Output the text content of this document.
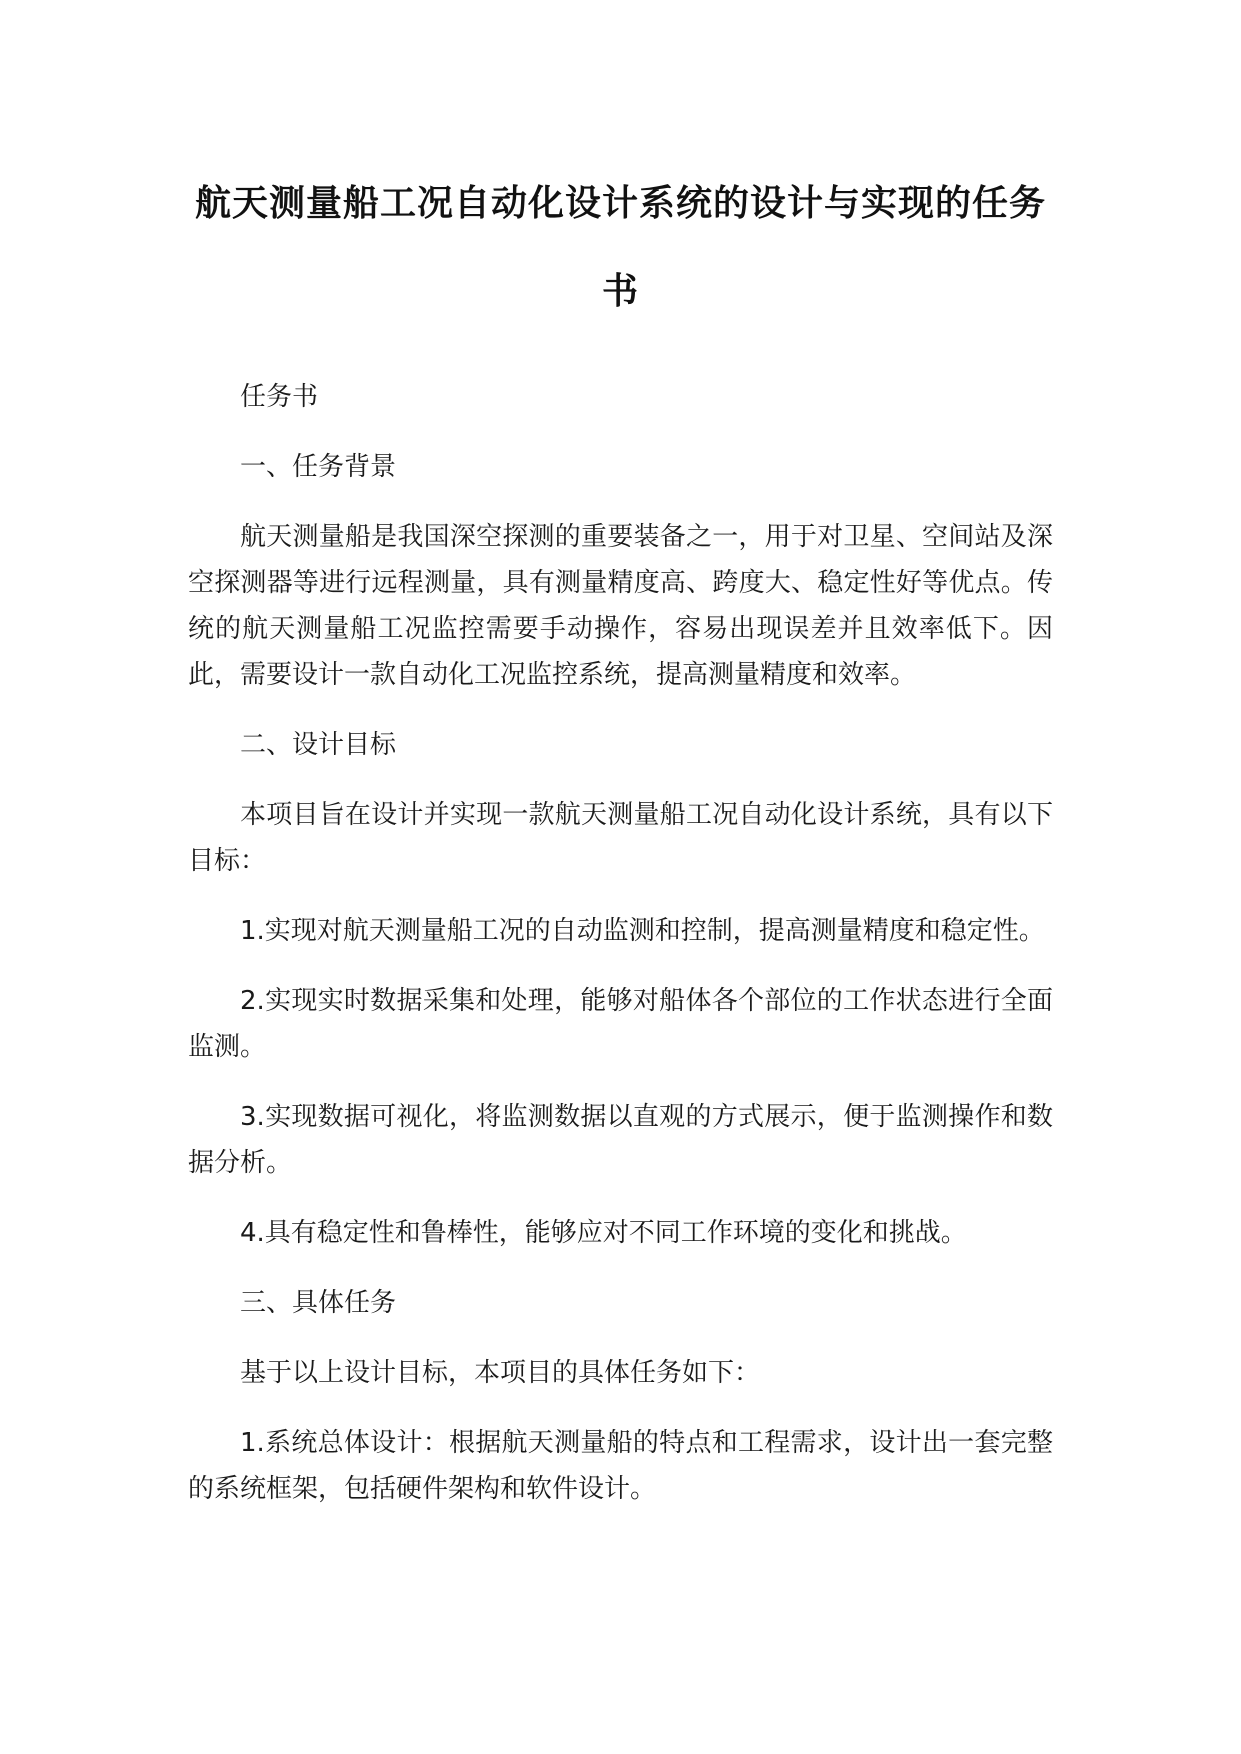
航天测量船工况自动化设计系统的设计与实现的任务书

任务书

一、任务背景

航天测量船是我国深空探测的重要装备之一，用于对卫星、空间站及深空探测器等进行远程测量，具有测量精度高、跨度大、稳定性好等优点。传统的航天测量船工况监控需要手动操作，容易出现误差并且效率低下。因此，需要设计一款自动化工况监控系统，提高测量精度和效率。

二、设计目标

本项目旨在设计并实现一款航天测量船工况自动化设计系统，具有以下目标：

1.实现对航天测量船工况的自动监测和控制，提高测量精度和稳定性。

2.实现实时数据采集和处理，能够对船体各个部位的工作状态进行全面监测。

3.实现数据可视化，将监测数据以直观的方式展示，便于监测操作和数据分析。

4.具有稳定性和鲁棒性，能够应对不同工作环境的变化和挑战。

三、具体任务

基于以上设计目标，本项目的具体任务如下：

1.系统总体设计：根据航天测量船的特点和工程需求，设计出一套完整的系统框架，包括硬件架构和软件设计。
